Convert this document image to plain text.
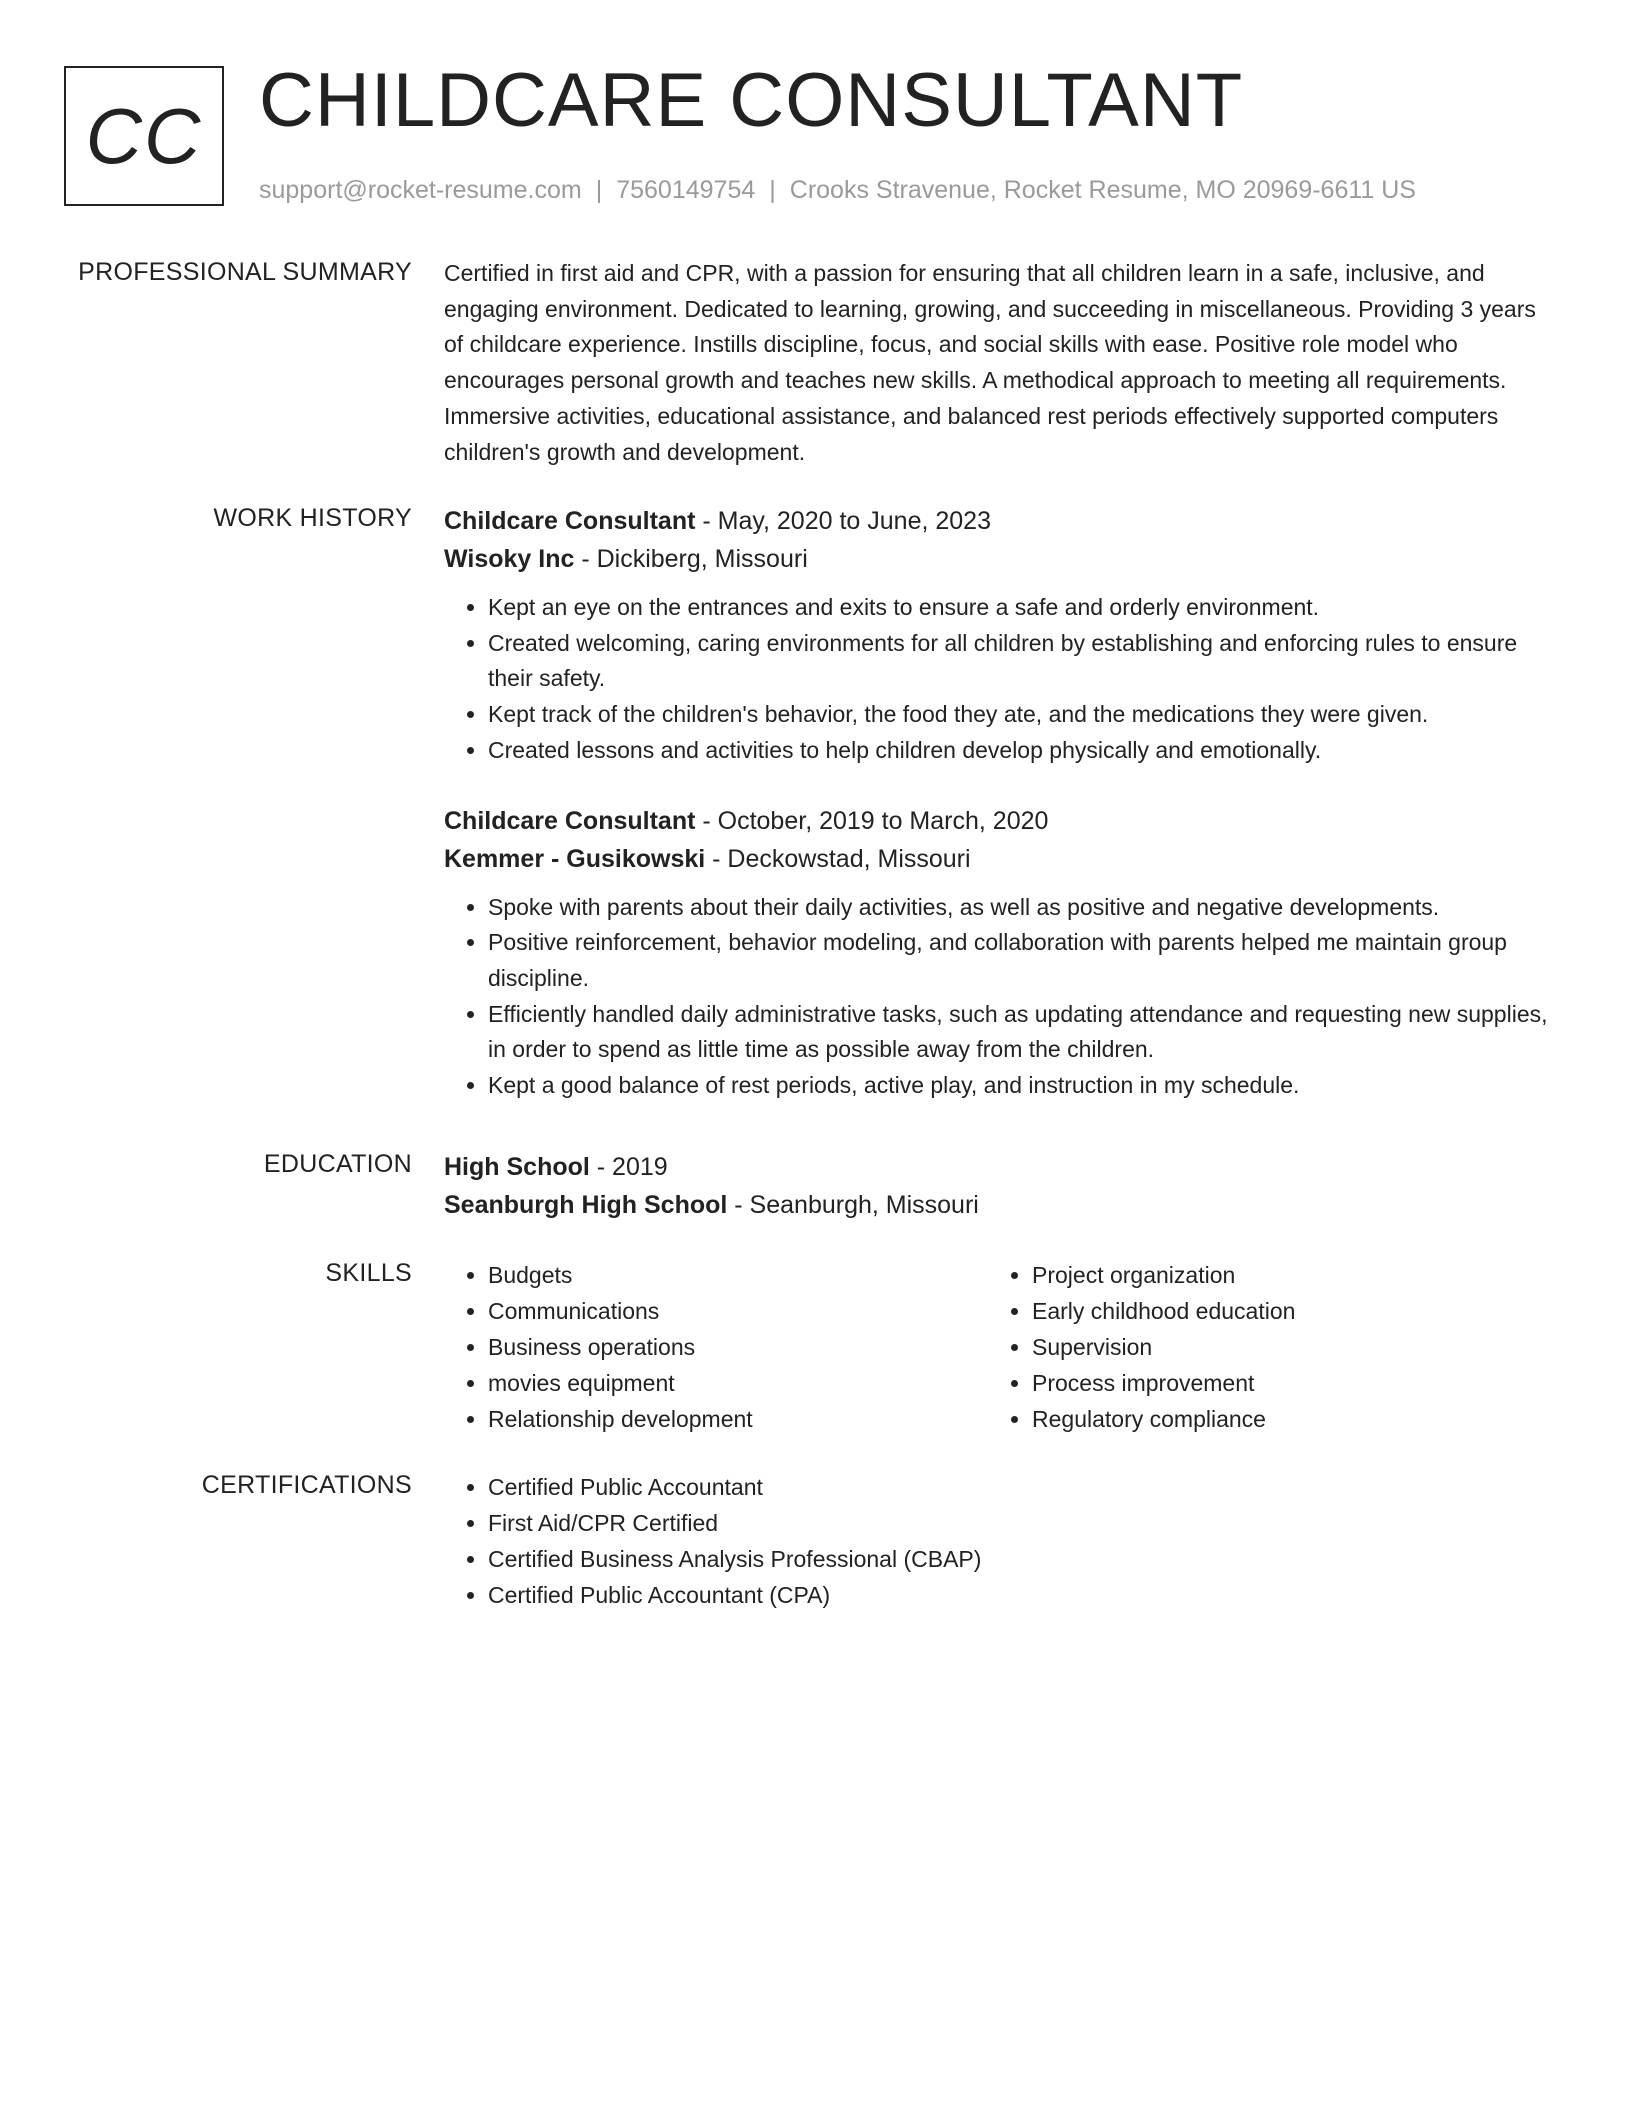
CC CHILDCARE CONSULTANT
support@rocket-resume.com | 7560149754 | Crooks Stravenue, Rocket Resume, MO 20969-6611 US
PROFESSIONAL SUMMARY Certified in first aid and CPR, with a passion for ensuring that all children learn in a safe, inclusive, and engaging environment. Dedicated to learning, growing, and succeeding in miscellaneous. Providing 3 years of childcare experience. Instills discipline, focus, and social skills with ease. Positive role model who encourages personal growth and teaches new skills. A methodical approach to meeting all requirements. Immersive activities, educational assistance, and balanced rest periods effectively supported computers children's growth and development.

WORK HISTORY Childcare Consultant - May, 2020 to June, 2023

Wisoky Inc - Dickiberg, Missouri

• Kept an eye on the entrances and exits to ensure a safe and orderly environment.
• Created welcoming, caring environments for all children by establishing and enforcing rules to ensure their safety.
• Kept track of the children's behavior, the food they ate, and the medications they were given.
• Created lessons and activities to help children develop physically and emotionally.

Childcare Consultant - October, 2019 to March, 2020

Kemmer - Gusikowski - Deckowstad, Missouri

• Spoke with parents about their daily activities, as well as positive and negative developments.
• Positive reinforcement, behavior modeling, and collaboration with parents helped me maintain group discipline.
• Efficiently handled daily administrative tasks, such as updating attendance and requesting new supplies, in order to spend as little time as possible away from the children.
• Kept a good balance of rest periods, active play, and instruction in my schedule.
EDUCATION High School - 2019

Seanburgh High School - Seanburgh, Missouri

SKILLS	• Budgets
• Communications
• Business operations
• movies equipment
• Relationship development
• Project organization
• Early childhood education
• Supervision
• Process improvement
• Regulatory compliance
CERTIFICATIONS	• Certified Public Accountant
• First Aid/CPR Certified
• Certified Business Analysis Professional (CBAP)
• Certified Public Accountant (CPA)
